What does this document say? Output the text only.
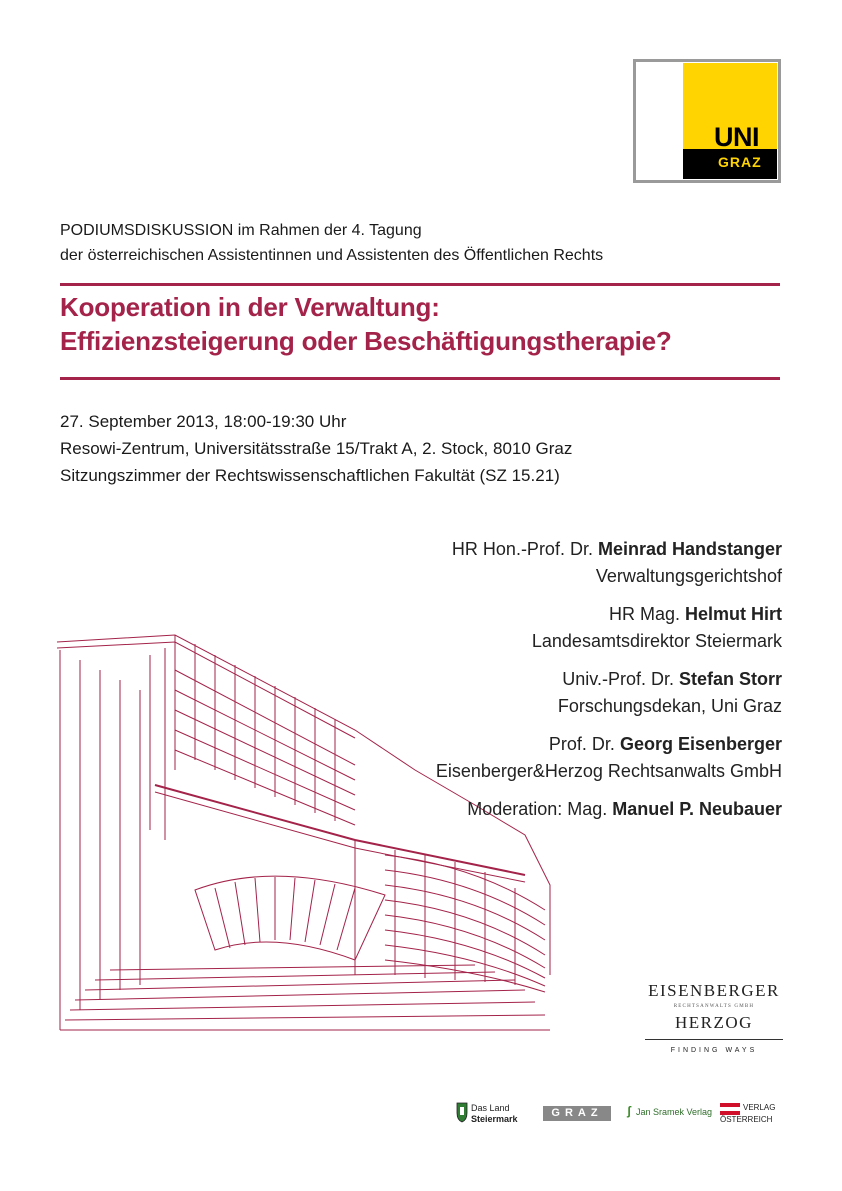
UNI
GRAZ
PODIUMSDISKUSSION im Rahmen der 4. Tagung
der österreichischen Assistentinnen und Assistenten des Öffentlichen Rechts
Kooperation in der Verwaltung:
Effizienzsteigerung oder Beschäftigungstherapie?
27. September 2013, 18:00-19:30 Uhr
Resowi-Zentrum, Universitätsstraße 15/Trakt A, 2. Stock, 8010 Graz
Sitzungszimmer der Rechtswissenschaftlichen Fakultät (SZ 15.21)
HR Hon.-Prof. Dr. Meinrad Handstanger
Verwaltungsgerichtshof
HR Mag. Helmut Hirt
Landesamtsdirektor Steiermark
Univ.-Prof. Dr. Stefan Storr
Forschungsdekan, Uni Graz
Prof. Dr. Georg Eisenberger
Eisenberger&Herzog Rechtsanwalts GmbH
Moderation: Mag. Manuel P. Neubauer
EISENBERGER
RECHTSANWALTS GMBH
HERZOG
FINDING WAYS
Das Land
Steiermark	GRAZ	ʃ Jan Sramek Verlag	VERLAG
ÖSTERREICH
